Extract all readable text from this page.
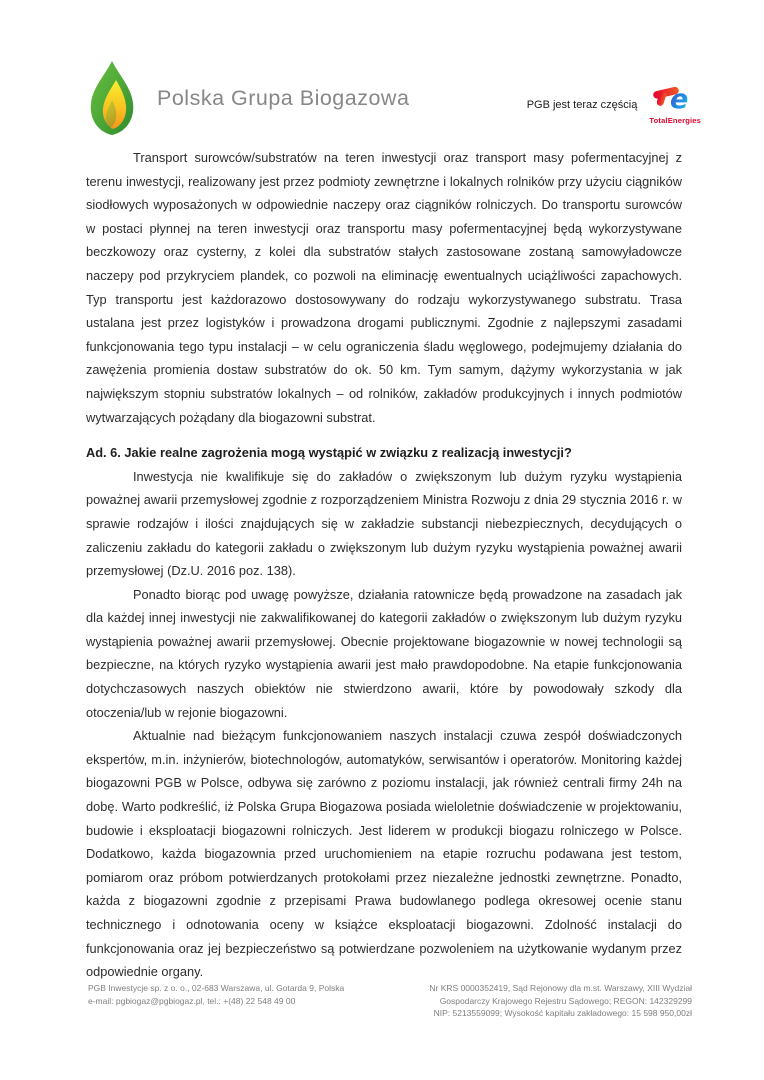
Polska Grupa Biogazowa	PGB jest teraz częścią e
TotalEnergies

Transport surowców/substratów na teren inwestycji oraz transport masy pofermentacyjnej z terenu inwestycji, realizowany jest przez podmioty zewnętrzne i lokalnych rolników przy użyciu ciągników siodłowych wyposażonych w odpowiednie naczepy oraz ciągników rolniczych. Do transportu surowców w postaci płynnej na teren inwestycji oraz transportu masy pofermentacyjnej będą wykorzystywane beczkowozy oraz cysterny, z kolei dla substratów stałych zastosowane zostaną samowyładowcze naczepy pod przykryciem plandek, co pozwoli na eliminację ewentualnych uciążliwości zapachowych. Typ transportu jest każdorazowo dostosowywany do rodzaju wykorzystywanego substratu. Trasa ustalana jest przez logistyków i prowadzona drogami publicznymi. Zgodnie z najlepszymi zasadami funkcjonowania tego typu instalacji – w celu ograniczenia śladu węglowego, podejmujemy działania do zawężenia promienia dostaw substratów do ok. 50 km. Tym samym, dążymy wykorzystania w jak największym stopniu substratów lokalnych – od rolników, zakładów produkcyjnych i innych podmiotów wytwarzających pożądany dla biogazowni substrat.

Ad. 6. Jakie realne zagrożenia mogą wystąpić w związku z realizacją inwestycji?

Inwestycja nie kwalifikuje się do zakładów o zwiększonym lub dużym ryzyku wystąpienia poważnej awarii przemysłowej zgodnie z rozporządzeniem Ministra Rozwoju z dnia 29 stycznia 2016 r. w sprawie rodzajów i ilości znajdujących się w zakładzie substancji niebezpiecznych, decydujących o zaliczeniu zakładu do kategorii zakładu o zwiększonym lub dużym ryzyku wystąpienia poważnej awarii przemysłowej (Dz.U. 2016 poz. 138).

Ponadto biorąc pod uwagę powyższe, działania ratownicze będą prowadzone na zasadach jak dla każdej innej inwestycji nie zakwalifikowanej do kategorii zakładów o zwiększonym lub dużym ryzyku wystąpienia poważnej awarii przemysłowej. Obecnie projektowane biogazownie w nowej technologii są bezpieczne, na których ryzyko wystąpienia awarii jest mało prawdopodobne. Na etapie funkcjonowania dotychczasowych naszych obiektów nie stwierdzono awarii, które by powodowały szkody dla otoczenia/lub w rejonie biogazowni.

Aktualnie nad bieżącym funkcjonowaniem naszych instalacji czuwa zespół doświadczonych ekspertów, m.in. inżynierów, biotechnologów, automatyków, serwisantów i operatorów. Monitoring każdej biogazowni PGB w Polsce, odbywa się zarówno z poziomu instalacji, jak również centrali firmy 24h na dobę. Warto podkreślić, iż Polska Grupa Biogazowa posiada wieloletnie doświadczenie w projektowaniu, budowie i eksploatacji biogazowni rolniczych. Jest liderem w produkcji biogazu rolniczego w Polsce. Dodatkowo, każda biogazownia przed uruchomieniem na etapie rozruchu podawana jest testom, pomiarom oraz próbom potwierdzanych protokołami przez niezależne jednostki zewnętrzne. Ponadto, każda z biogazowni zgodnie z przepisami Prawa budowlanego podlega okresowej ocenie stanu technicznego i odnotowania oceny w książce eksploatacji biogazowni. Zdolność instalacji do funkcjonowania oraz jej bezpieczeństwo są potwierdzane pozwoleniem na użytkowanie wydanym przez odpowiednie organy.

PGB Inwestycje sp. z o. o., 02-683 Warszawa, ul. Gotarda 9, Polska
e-mail: pgbiogaz@pgbiogaz.pl, tel.: +(48) 22 548 49 00
Nr KRS 0000352419, Sąd Rejonowy dla m.st. Warszawy, XIII Wydział
Gospodarczy Krajowego Rejestru Sądowego; REGON: 142329299
NIP: 5213559099; Wysokość kapitału zakładowego: 15 598 950,00zł
